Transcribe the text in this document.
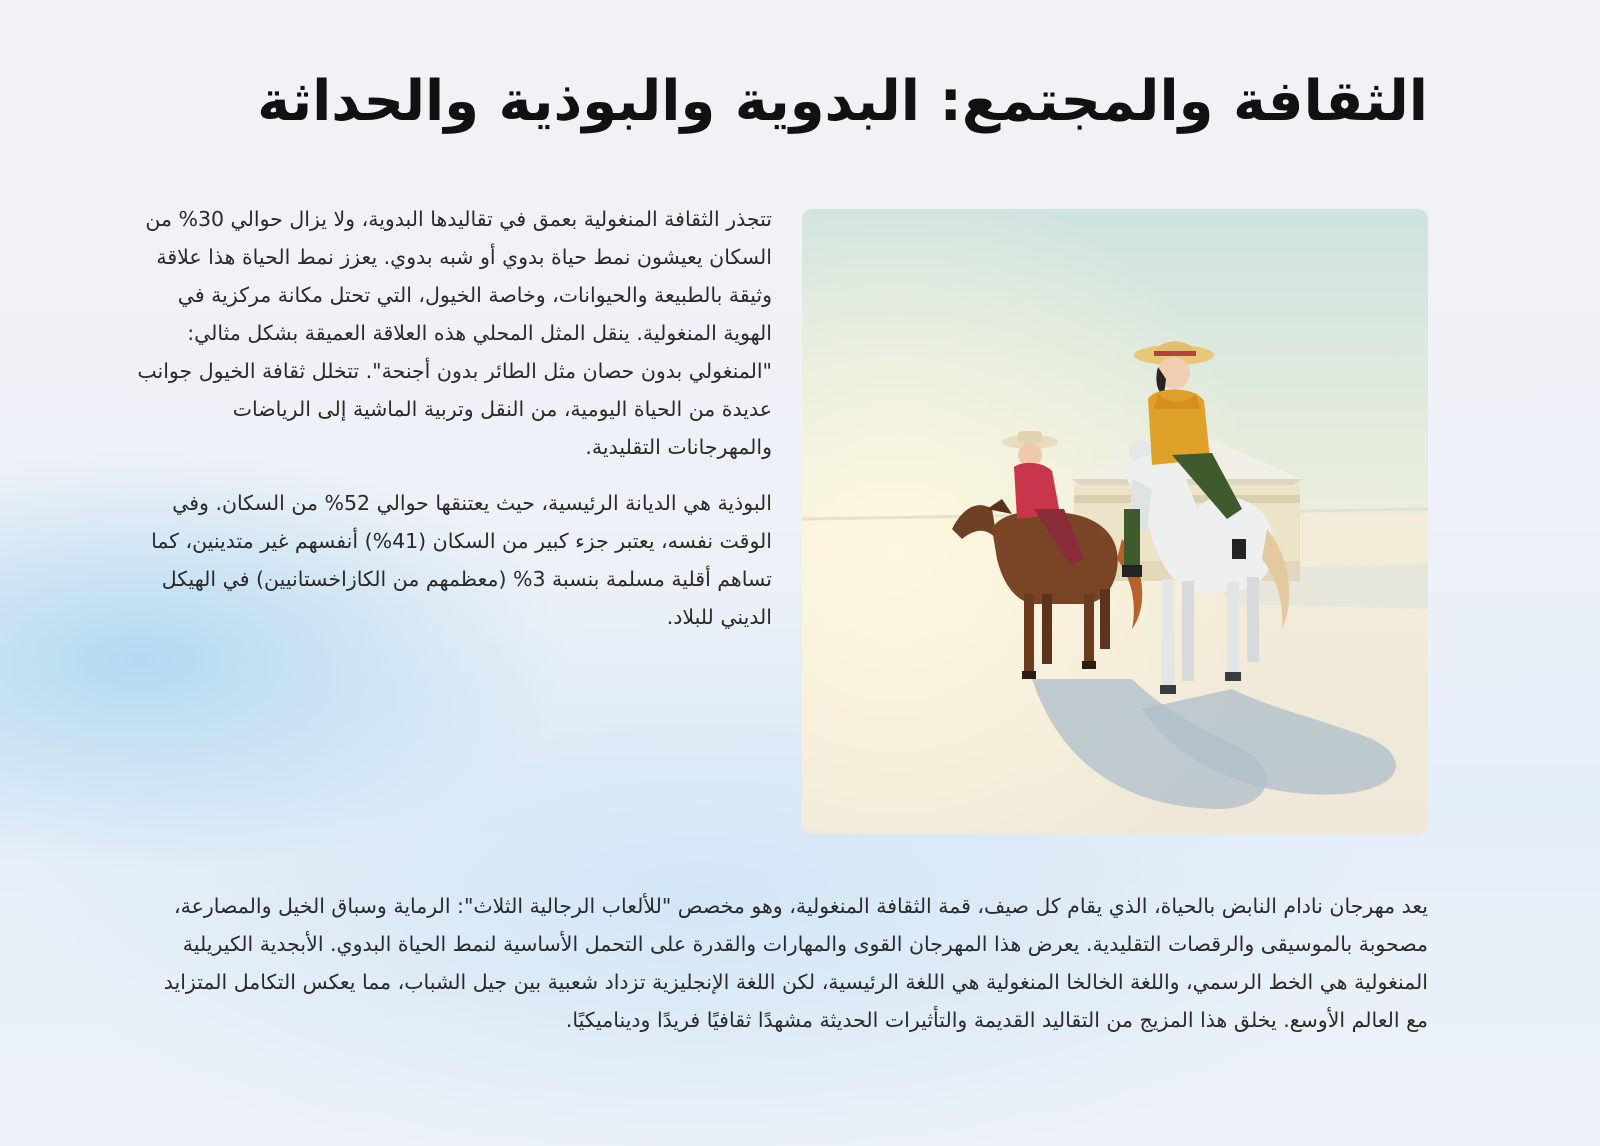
الثقافة والمجتمع: البدوية والبوذية والحداثة

تتجذر الثقافة المنغولية بعمق في تقاليدها البدوية، ولا يزال حوالي 30% من السكان يعيشون نمط حياة بدوي أو شبه بدوي. يعزز نمط الحياة هذا علاقة وثيقة بالطبيعة والحيوانات، وخاصة الخيول، التي تحتل مكانة مركزية في الهوية المنغولية. ينقل المثل المحلي هذه العلاقة العميقة بشكل مثالي: "المنغولي بدون حصان مثل الطائر بدون أجنحة". تتخلل ثقافة الخيول جوانب عديدة من الحياة اليومية، من النقل وتربية الماشية إلى الرياضات والمهرجانات التقليدية.

البوذية هي الديانة الرئيسية، حيث يعتنقها حوالي 52% من السكان. وفي الوقت نفسه، يعتبر جزء كبير من السكان (41%) أنفسهم غير متدينين، كما تساهم أقلية مسلمة بنسبة 3% (معظمهم من الكازاخستانيين) في الهيكل الديني للبلاد.

يعد مهرجان نادام النابض بالحياة، الذي يقام كل صيف، قمة الثقافة المنغولية، وهو مخصص "للألعاب الرجالية الثلاث": الرماية وسباق الخيل والمصارعة، مصحوبة بالموسيقى والرقصات التقليدية. يعرض هذا المهرجان القوى والمهارات والقدرة على التحمل الأساسية لنمط الحياة البدوي. الأبجدية الكيريلية المنغولية هي الخط الرسمي، واللغة الخالخا المنغولية هي اللغة الرئيسية، لكن اللغة الإنجليزية تزداد شعبية بين جيل الشباب، مما يعكس التكامل المتزايد مع العالم الأوسع. يخلق هذا المزيج من التقاليد القديمة والتأثيرات الحديثة مشهدًا ثقافيًا فريدًا وديناميكيًا.
